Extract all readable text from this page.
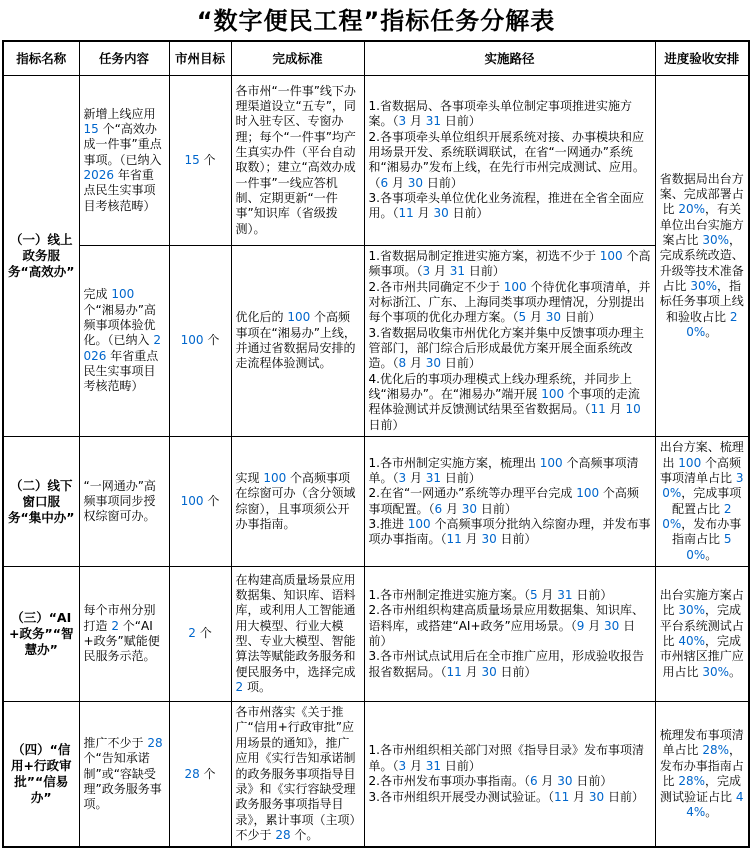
“数字便民工程”指标任务分解表
指标名称	任务内容	市州目标	完成标准	实施路径	进度验收安排
（一）线上政务服务“高效办”	新增上线应用 15 个“高效办成一件事”重点事项。（已纳入 2026 年省重点民生实事项目考核范畴）	15 个	各市州“一件事”线下办理渠道设立“五专”，同时入驻专区、专窗办理；每个“一件事”均产生真实办件（平台自动取数）；建立“高效办成一件事”一线应答机制、定期更新“一件事”知识库（省级拨测）。	1.省数据局、各事项牵头单位制定事项推进实施方案。（3 月 31 日前）
2.各事项牵头单位组织开展系统对接、办事模块和应用场景开发、系统联调联试，在省“一网通办”系统和“湘易办”发布上线，在先行市州完成测试、应用。（6 月 30 日前）
3.各事项牵头单位优化业务流程，推进在全省全面应用。（11 月 30 日前）	省数据局出台方案、完成部署占比 20%，有关单位出台实施方案占比 30%，完成系统改造、升级等技术准备占比 30%，指标任务事项上线和验收占比 20%。
	完成 100 个“湘易办”高频事项体验优化。（已纳入 2026 年省重点民生实事项目考核范畴）	100 个	优化后的 100 个高频事项在“湘易办”上线，并通过省数据局安排的走流程体验测试。	1.省数据局制定推进实施方案，初选不少于 100 个高频事项。（3 月 31 日前）
2.各市州共同确定不少于 100 个待优化事项清单，并对标浙江、广东、上海同类事项办理情况，分别提出每个事项的优化办理方案。（5 月 30 日前）
3.省数据局收集市州优化方案并集中反馈事项办理主管部门，部门综合后形成最优方案开展全面系统改造。（8 月 30 日前）
4.优化后的事项办理模式上线办理系统，并同步上线“湘易办”。在“湘易办”端开展 100 个事项的走流程体验测试并反馈测试结果至省数据局。（11 月 10 日前）	

（二）线下窗口服务“集中办”	“一网通办”高频事项同步授权综窗可办。	100 个	实现 100 个高频事项在综窗可办（含分领域综窗），且事项须公开办事指南。	1.各市州制定实施方案，梳理出 100 个高频事项清单。（3 月 31 日前）
2.在省“一网通办”系统等办理平台完成 100 个高频事项配置。（6 月 30 日前）
3.推进 100 个高频事项分批纳入综窗办理，并发布事项办事指南。（11 月 30 日前）	出台方案、梳理出 100 个高频事项清单占比 30%，完成事项配置占比 20%，发布办事指南占比 50%。
（三）“AI+政务”“智慧办”	每个市州分别打造 2 个“AI+政务”赋能便民服务示范。	2 个	在构建高质量场景应用数据集、知识库、语料库，或利用人工智能通用大模型、行业大模型、专业大模型、智能算法等赋能政务服务和便民服务中，选择完成 2 项。	1.各市州制定推进实施方案。（5 月 31 日前）
2.各市州组织构建高质量场景应用数据集、知识库、语料库，或搭建“AI+政务”应用场景。（9 月 30 日前）
3.各市州试点试用后在全市推广应用，形成验收报告报省数据局。（11 月 30 日前）	出台实施方案占比 30%，完成平台系统测试占比 40%，完成市州辖区推广应用占比 30%。
（四）“信用+行政审批”“信易办”	推广不少于 28 个“告知承诺制”或“容缺受理”政务服务事项。	28 个	各市州落实《关于推广“信用+行政审批”应用场景的通知》，推广应用《实行告知承诺制的政务服务事项指导目录》和《实行容缺受理政务服务事项指导目录》，累计事项（主项）不少于 28 个。	1.各市州组织相关部门对照《指导目录》发布事项清单。（3 月 31 日前）
2.各市州发布事项办事指南。（6 月 30 日前）
3.各市州组织开展受办测试验证。（11 月 30 日前）	梳理发布事项清单占比 28%，发布办事指南占比 28%，完成测试验证占比 44%。
